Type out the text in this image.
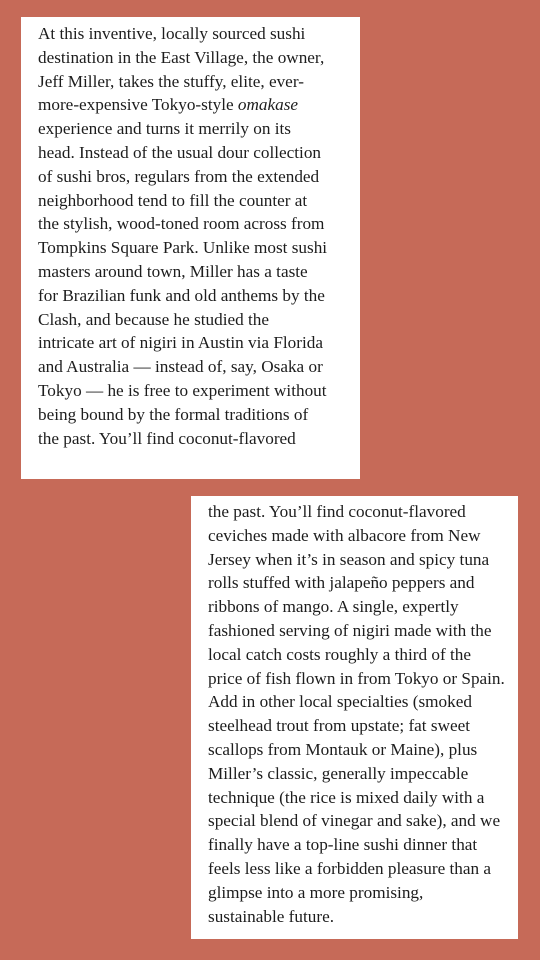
At this inventive, locally sourced sushi
destination in the East Village, the owner,
Jeff Miller, takes the stuffy, elite, ever-
more-expensive Tokyo-style omakase
experience and turns it merrily on its
head. Instead of the usual dour collection
of sushi bros, regulars from the extended
neighborhood tend to fill the counter at
the stylish, wood-toned room across from
Tompkins Square Park. Unlike most sushi
masters around town, Miller has a taste
for Brazilian funk and old anthems by the
Clash, and because he studied the
intricate art of nigiri in Austin via Florida
and Australia — instead of, say, Osaka or
Tokyo — he is free to experiment without
being bound by the formal traditions of
the past. You’ll find coconut-flavored
the past. You’ll find coconut-flavored
ceviches made with albacore from New
Jersey when it’s in season and spicy tuna
rolls stuffed with jalapeño peppers and
ribbons of mango. A single, expertly
fashioned serving of nigiri made with the
local catch costs roughly a third of the
price of fish flown in from Tokyo or Spain.
Add in other local specialties (smoked
steelhead trout from upstate; fat sweet
scallops from Montauk or Maine), plus
Miller’s classic, generally impeccable
technique (the rice is mixed daily with a
special blend of vinegar and sake), and we
finally have a top-line sushi dinner that
feels less like a forbidden pleasure than a
glimpse into a more promising,
sustainable future.
